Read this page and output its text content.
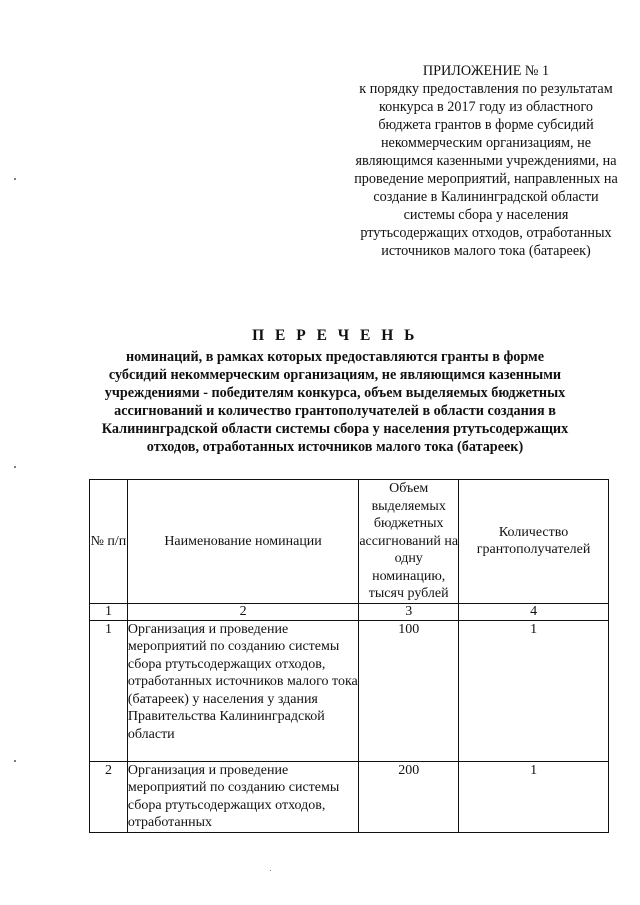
ПРИЛОЖЕНИЕ № 1
к порядку предоставления по результатам конкурса в 2017 году из областного бюджета грантов в форме субсидий некоммерческим организациям, не являющимся казенными учреждениями, на проведение мероприятий, направленных на создание в Калининградской области системы сбора у населения ртутьсодержащих отходов, отработанных источников малого тока (батареек)
П Е Р Е Ч Е Н Ь
номинаций, в рамках которых предоставляются гранты в форме субсидий некоммерческим организациям, не являющимся казенными учреждениями - победителям конкурса, объем выделяемых бюджетных ассигнований и количество грантополучателей в области создания в Калининградской области системы сбора у населения ртутьсодержащих отходов, отработанных источников малого тока (батареек)
№ п/п	Наименование номинации	Объем выделяемых бюджетных ассигнований на одну номинацию, тысяч рублей	Количество грантополучателей
1	2	3	4
1	Организация и проведение мероприятий по созданию системы сбора ртутьсодержащих отходов, отработанных источников малого тока (батареек) у населения у здания Правительства Калининградской области	100	1
2	Организация и проведение мероприятий по созданию системы сбора ртутьсодержащих отходов, отработанных	200	1
